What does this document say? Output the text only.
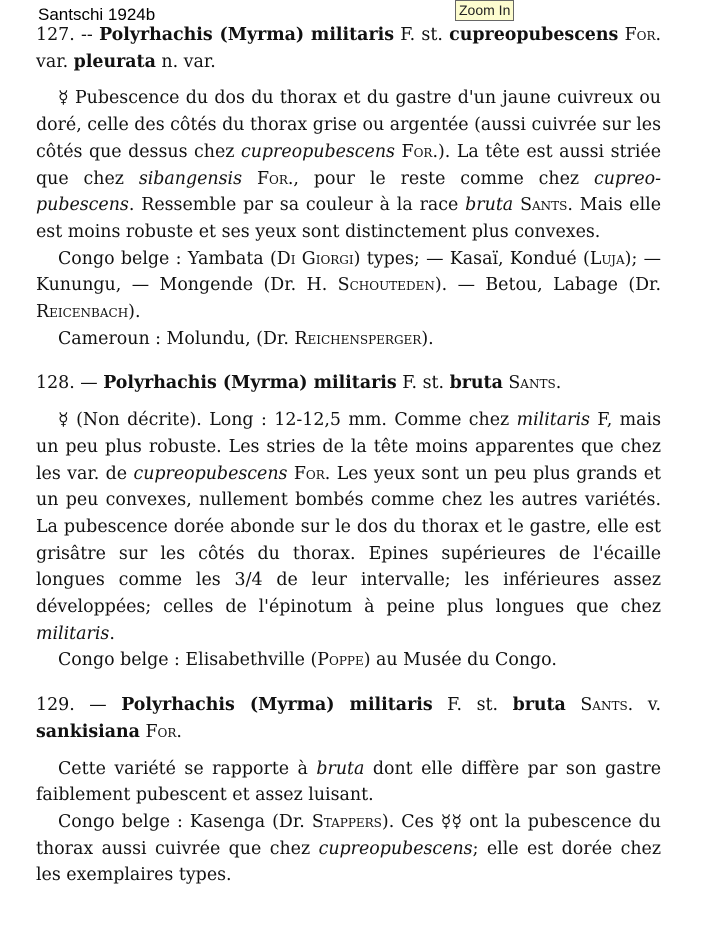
Santschi 1924b	Zoom In

127. -- Polyrhachis (Myrma) militaris F. st. cupreopubescens For. var. pleurata n. var.

☿ Pubescence du dos du thorax et du gastre d'un jaune cuivreux ou doré, celle des côtés du thorax grise ou argentée (aussi cuivrée sur les côtés que dessus chez cupreopubescens For.). La tête est aussi striée que chez sibangensis For., pour le reste comme chez cupreo-pubescens. Ressemble par sa couleur à la race bruta Sants. Mais elle est moins robuste et ses yeux sont distinctement plus convexes.

Congo belge : Yambata (Di Giorgi) types; — Kasaï, Kondué (Luja); — Kunungu, — Mongende (Dr. H. Schouteden). — Betou, Labage (Dr. Reicenbach).

Cameroun : Molundu, (Dr. Reichensperger).

128. — Polyrhachis (Myrma) militaris F. st. bruta Sants.

☿ (Non décrite). Long : 12-12,5 mm. Comme chez militaris F, mais un peu plus robuste. Les stries de la tête moins apparentes que chez les var. de cupreopubescens For. Les yeux sont un peu plus grands et un peu convexes, nullement bombés comme chez les autres variétés. La pubescence dorée abonde sur le dos du thorax et le gastre, elle est grisâtre sur les côtés du thorax. Epines supérieures de l'écaille longues comme les 3/4 de leur intervalle; les inférieures assez développées; celles de l'épinotum à peine plus longues que chez militaris.

Congo belge : Elisabethville (Poppe) au Musée du Congo.

129. — Polyrhachis (Myrma) militaris F. st. bruta Sants. v. sankisiana For.

Cette variété se rapporte à bruta dont elle diffère par son gastre faiblement pubescent et assez luisant.

Congo belge : Kasenga (Dr. Stappers). Ces ☿☿ ont la pubescence du thorax aussi cuivrée que chez cupreopubescens; elle est dorée chez les exemplaires types.
